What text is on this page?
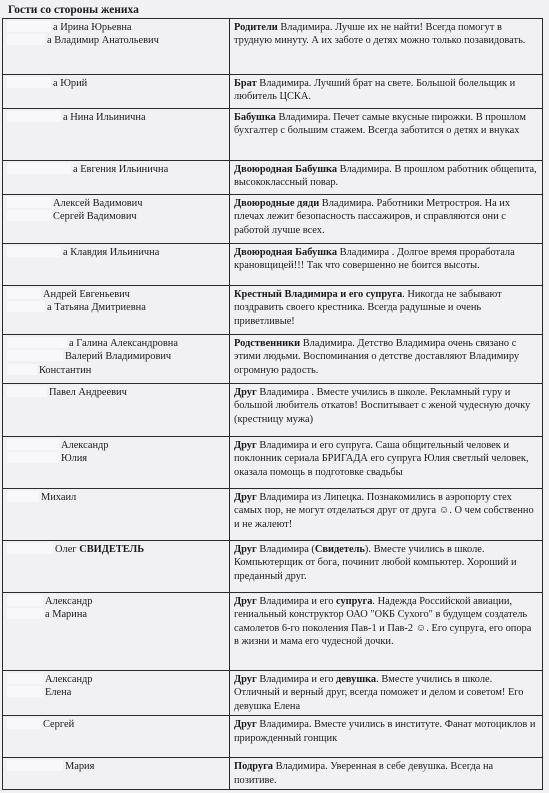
Гости со стороны жениха
а Ирина Юрьевна
а Владимир Анатольевич	Родители Владимира. Лучше их не найти! Всегда помогут в трудную минуту. А их заботе о детях можно только позавидовать.

а Юрий	Брат Владимира. Лучший брат на свете. Большой болельщик и любитель ЦСКА.

а Нина Ильинична	Бабушка Владимира. Печет самые вкусные пирожки. В прошлом бухгалтер с большим стажем. Всегда заботится о детях и внуках

а Евгения Ильинична	Двоюродная Бабушка Владимира. В прошлом работник общепита, высококлассный повар.

Алексей Вадимович
Сергей Вадимович	Двоюродные дяди Владимира. Работники Метростроя. На их плечах лежит безопасность пассажиров, и справляются они с работой лучше всех.

а Клавдия Ильинична	Двоюродная Бабушка Владимира . Долгое время проработала крановщицей!!! Так что совершенно не боится высоты.

Андрей Евгеньевич
а Татьяна Дмитриевна	Крестный Владимира и его супруга. Никогда не забывают поздравить своего крестника. Всегда радушные и очень приветливые!

а Галина Александровна
Валерий Владимирович
Константин	Родственники Владимира. Детство Владимира очень связано с этими людьми. Воспоминания о детстве доставляют Владимиру огромную радость.

Павел Андреевич	Друг Владимира . Вместе учились в школе. Рекламный гуру и большой любитель откатов! Воспитывает с женой чудесную дочку (крестницу мужа)

Александр
Юлия	Друг Владимира и его супруга. Саша общительный человек и поклонник сериала БРИГАДА его супруга Юлия светлый человек, оказала помощь в подготовке свадьбы

Михаил	Друг Владимира из Липецка. Познакомились в аэропорту стех самых пор, не могут отделаться друг от друга ☺. О чем собственно и не жалеют!

Олег СВИДЕТЕЛЬ	Друг Владимира (Свидетель). Вместе учились в школе. Компьютерщик от бога, починит любой компьютер. Хороший и преданный друг.

Александр
а Марина	Друг Владимира и его супруга. Надежда Российской авиации, гениальный конструктор ОАО "ОКБ Сухого" в будущем создатель самолетов 6-го поколения Пав-1 и Пав-2 ☺. Его супруга, его опора в жизни и мама его чудесной дочки.

Александр
Елена	Друг Владимира и его девушка. Вместе учились в школе. Отличный и верный друг, всегда поможет и делом и советом! Его девушка Елена

Сергей	Друг Владимира. Вместе учились в институте. Фанат мотоциклов и прирожденный гонщик

Мария	Подруга Владимира. Уверенная в себе девушка. Всегда на позитиве.
